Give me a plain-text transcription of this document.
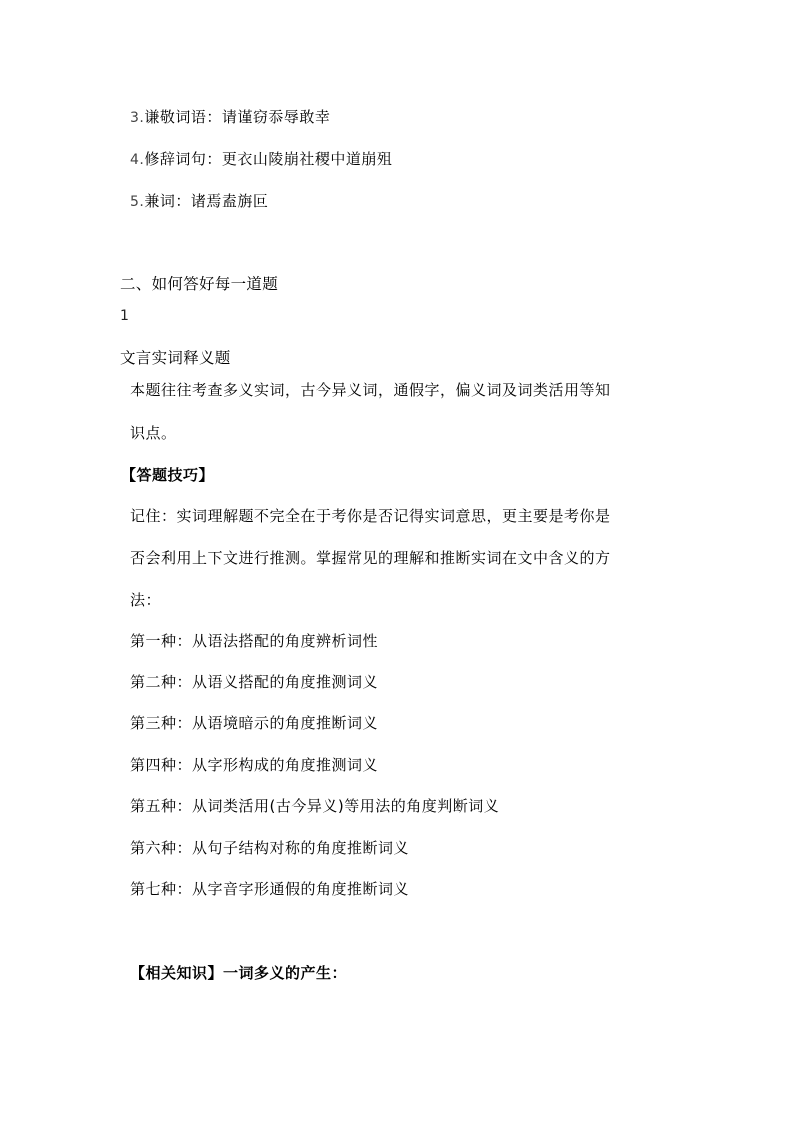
3.谦敬词语：请谨窃忝辱敢幸
4.修辞词句：更衣山陵崩社稷中道崩殂
5.兼词：诸焉盍旃叵
二、如何答好每一道题
1
文言实词释义题
本题往往考查多义实词，古今异义词，通假字，偏义词及词类活用等知
识点。
【答题技巧】
记住：实词理解题不完全在于考你是否记得实词意思，更主要是考你是
否会利用上下文进行推测。掌握常见的理解和推断实词在文中含义的方
法：
第一种：从语法搭配的角度辨析词性
第二种：从语义搭配的角度推测词义
第三种：从语境暗示的角度推断词义
第四种：从字形构成的角度推测词义
第五种：从词类活用(古今异义)等用法的角度判断词义
第六种：从句子结构对称的角度推断词义
第七种：从字音字形通假的角度推断词义
【相关知识】一词多义的产生：
